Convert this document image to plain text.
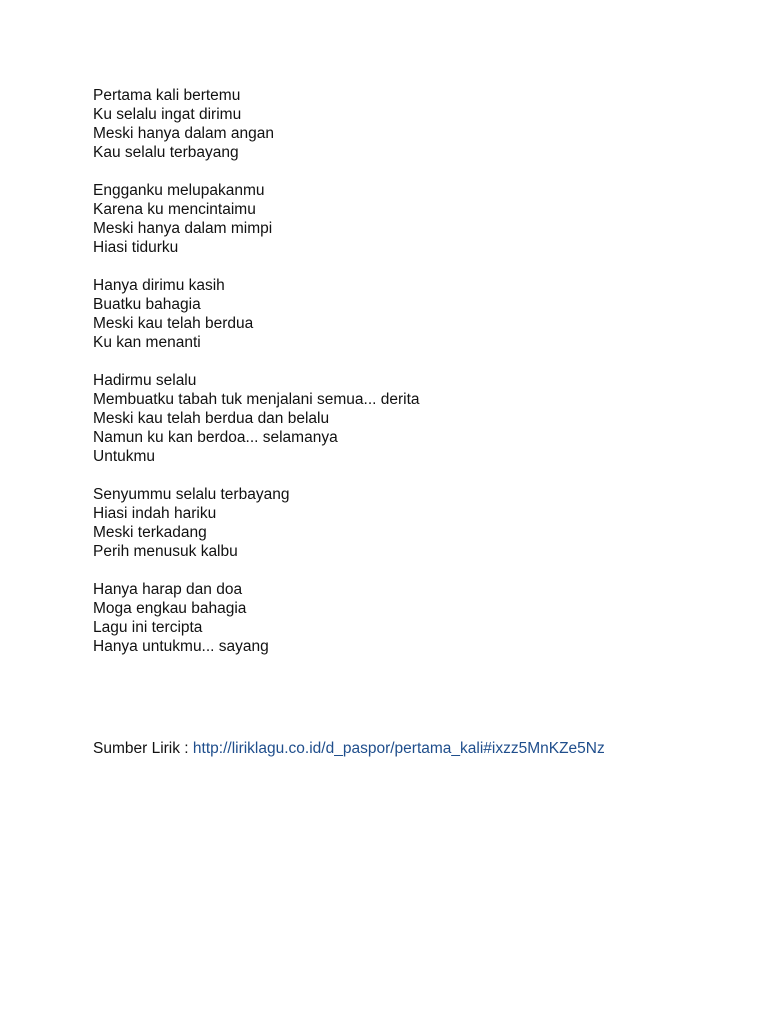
Pertama kali bertemu
Ku selalu ingat dirimu
Meski hanya dalam angan
Kau selalu terbayang
Engganku melupakanmu
Karena ku mencintaimu
Meski hanya dalam mimpi
Hiasi tidurku
Hanya dirimu kasih
Buatku bahagia
Meski kau telah berdua
Ku kan menanti
Hadirmu selalu
Membuatku tabah tuk menjalani semua... derita
Meski kau telah berdua dan belalu
Namun ku kan berdoa... selamanya
Untukmu
Senyummu selalu terbayang
Hiasi indah hariku
Meski terkadang
Perih menusuk kalbu
Hanya harap dan doa
Moga engkau bahagia
Lagu ini tercipta
Hanya untukmu... sayang
Sumber Lirik : http://liriklagu.co.id/d_paspor/pertama_kali#ixzz5MnKZe5Nz
